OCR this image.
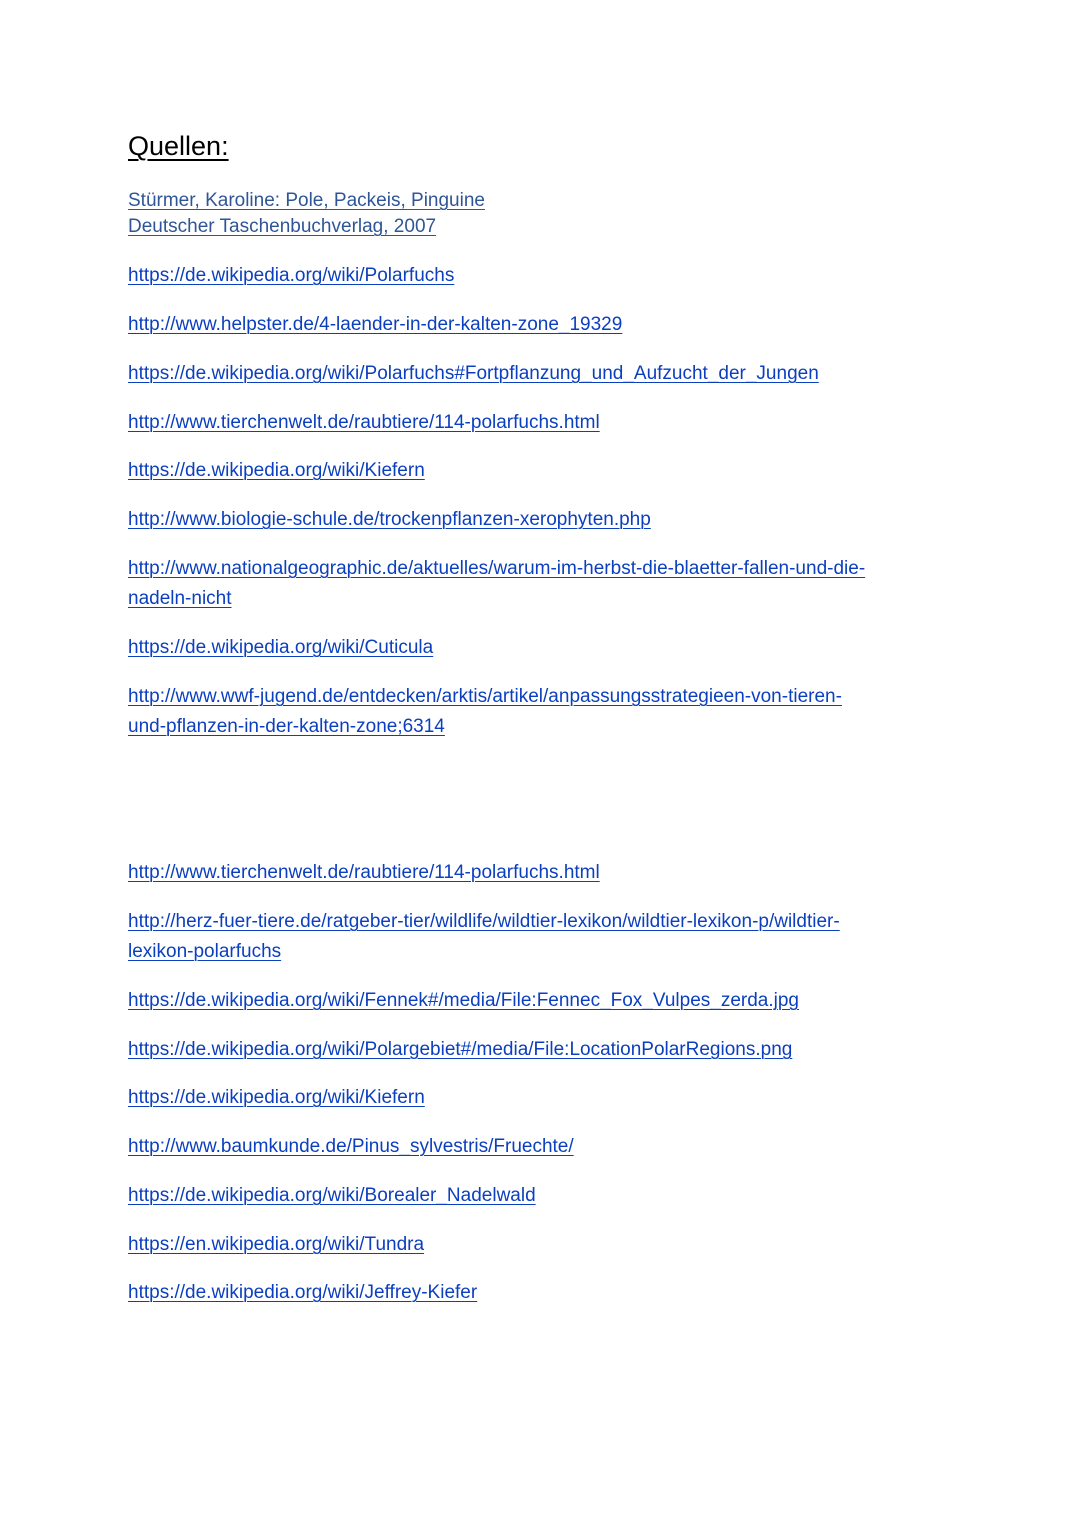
Quellen:
Stürmer, Karoline: Pole, Packeis, Pinguine
Deutscher Taschenbuchverlag, 2007
https://de.wikipedia.org/wiki/Polarfuchs
http://www.helpster.de/4-laender-in-der-kalten-zone_19329
https://de.wikipedia.org/wiki/Polarfuchs#Fortpflanzung_und_Aufzucht_der_Jungen
http://www.tierchenwelt.de/raubtiere/114-polarfuchs.html
https://de.wikipedia.org/wiki/Kiefern
http://www.biologie-schule.de/trockenpflanzen-xerophyten.php
http://www.nationalgeographic.de/aktuelles/warum-im-herbst-die-blaetter-fallen-und-die-
nadeln-nicht
https://de.wikipedia.org/wiki/Cuticula
http://www.wwf-jugend.de/entdecken/arktis/artikel/anpassungsstrategieen-von-tieren-
und-pflanzen-in-der-kalten-zone;6314
http://www.tierchenwelt.de/raubtiere/114-polarfuchs.html
http://herz-fuer-tiere.de/ratgeber-tier/wildlife/wildtier-lexikon/wildtier-lexikon-p/wildtier-
lexikon-polarfuchs
https://de.wikipedia.org/wiki/Fennek#/media/File:Fennec_Fox_Vulpes_zerda.jpg
https://de.wikipedia.org/wiki/Polargebiet#/media/File:LocationPolarRegions.png
https://de.wikipedia.org/wiki/Kiefern
http://www.baumkunde.de/Pinus_sylvestris/Fruechte/
https://de.wikipedia.org/wiki/Borealer_Nadelwald
https://en.wikipedia.org/wiki/Tundra
https://de.wikipedia.org/wiki/Jeffrey-Kiefer
